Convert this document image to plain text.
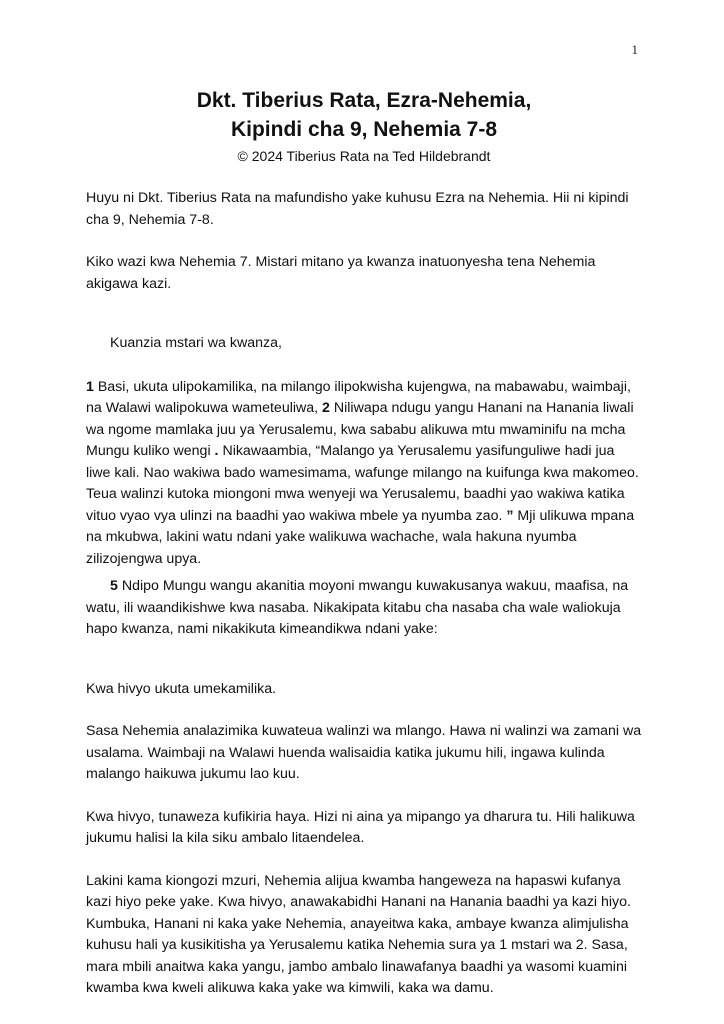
1
Dkt. Tiberius Rata, Ezra-Nehemia,
Kipindi cha 9, Nehemia 7-8

© 2024 Tiberius Rata na Ted Hildebrandt

Huyu ni Dkt. Tiberius Rata na mafundisho yake kuhusu Ezra na Nehemia. Hii ni kipindi cha 9, Nehemia 7-8.

Kiko wazi kwa Nehemia 7. Mistari mitano ya kwanza inatuonyesha tena Nehemia akigawa kazi.

Kuanzia mstari wa kwanza,

1 Basi, ukuta ulipokamilika, na milango ilipokwisha kujengwa, na mabawabu, waimbaji, na Walawi walipokuwa wameteuliwa, 2 Niliwapa ndugu yangu Hanani na Hanania liwali wa ngome mamlaka juu ya Yerusalemu, kwa sababu alikuwa mtu mwaminifu na mcha Mungu kuliko wengi . Nikawaambia, “Malango ya Yerusalemu yasifunguliwe hadi jua liwe kali. Nao wakiwa bado wamesimama, wafunge milango na kuifunga kwa makomeo. Teua walinzi kutoka miongoni mwa wenyeji wa Yerusalemu, baadhi yao wakiwa katika vituo vyao vya ulinzi na baadhi yao wakiwa mbele ya nyumba zao. ” Mji ulikuwa mpana na mkubwa, lakini watu ndani yake walikuwa wachache, wala hakuna nyumba zilizojengwa upya.

5 Ndipo Mungu wangu akanitia moyoni mwangu kuwakusanya wakuu, maafisa, na watu, ili waandikishwe kwa nasaba. Nikakipata kitabu cha nasaba cha wale waliokuja hapo kwanza, nami nikakikuta kimeandikwa ndani yake:

Kwa hivyo ukuta umekamilika.

Sasa Nehemia analazimika kuwateua walinzi wa mlango. Hawa ni walinzi wa zamani wa usalama. Waimbaji na Walawi huenda walisaidia katika jukumu hili, ingawa kulinda malango haikuwa jukumu lao kuu.

Kwa hivyo, tunaweza kufikiria haya. Hizi ni aina ya mipango ya dharura tu. Hili halikuwa jukumu halisi la kila siku ambalo litaendelea.

Lakini kama kiongozi mzuri, Nehemia alijua kwamba hangeweza na hapaswi kufanya kazi hiyo peke yake. Kwa hivyo, anawakabidhi Hanani na Hanania baadhi ya kazi hiyo. Kumbuka, Hanani ni kaka yake Nehemia, anayeitwa kaka, ambaye kwanza alimjulisha kuhusu hali ya kusikitisha ya Yerusalemu katika Nehemia sura ya 1 mstari wa 2. Sasa, mara mbili anaitwa kaka yangu, jambo ambalo linawafanya baadhi ya wasomi kuamini kwamba kwa kweli alikuwa kaka yake wa kimwili, kaka wa damu.
